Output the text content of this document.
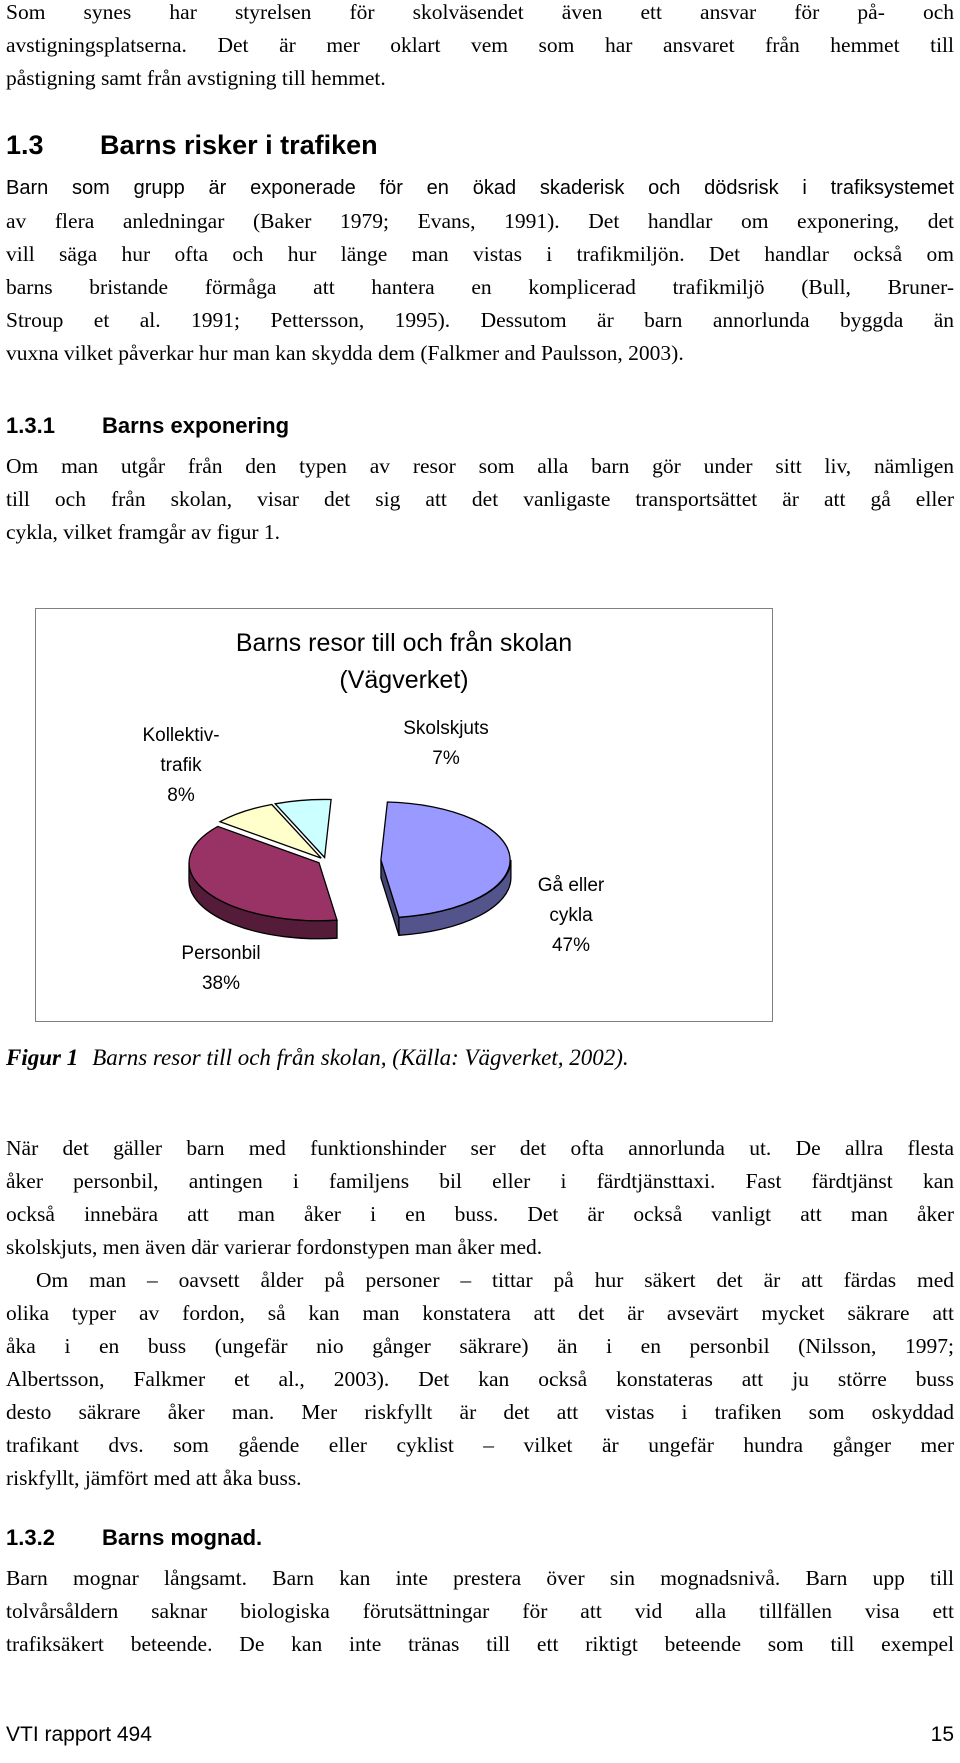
Som synes har styrelsen för skolväsendet även ett ansvar för på- och
avstigningsplatserna. Det är mer oklart vem som har ansvaret från hemmet till
påstigning samt från avstigning till hemmet.
1.3 Barns risker i trafiken
Barn som grupp är exponerade för en ökad skaderisk och dödsrisk i trafiksystemet
av flera anledningar (Baker 1979; Evans, 1991). Det handlar om exponering, det
vill säga hur ofta och hur länge man vistas i trafikmiljön. Det handlar också om
barns bristande förmåga att hantera en komplicerad trafikmiljö (Bull, Bruner-
Stroup et al. 1991; Pettersson, 1995). Dessutom är barn annorlunda byggda än
vuxna vilket påverkar hur man kan skydda dem (Falkmer and Paulsson, 2003).
1.3.1 Barns exponering
Om man utgår från den typen av resor som alla barn gör under sitt liv, nämligen
till och från skolan, visar det sig att det vanligaste transportsättet är att gå eller
cykla, vilket framgår av figur 1.
Barns resor till och från skolan
(Vägverket)
Kollektiv-
trafik
8%
Skolskjuts
7%
Gå eller
cykla
47%
Personbil
38%
Figur 1 Barns resor till och från skolan, (Källa: Vägverket, 2002).
När det gäller barn med funktionshinder ser det ofta annorlunda ut. De allra flesta
åker personbil, antingen i familjens bil eller i färdtjänsttaxi. Fast färdtjänst kan
också innebära att man åker i en buss. Det är också vanligt att man åker
skolskjuts, men även där varierar fordonstypen man åker med.
Om man – oavsett ålder på personer – tittar på hur säkert det är att färdas med
olika typer av fordon, så kan man konstatera att det är avsevärt mycket säkrare att
åka i en buss (ungefär nio gånger säkrare) än i en personbil (Nilsson, 1997;
Albertsson, Falkmer et al., 2003). Det kan också konstateras att ju större buss
desto säkrare åker man. Mer riskfyllt är det att vistas i trafiken som oskyddad
trafikant dvs. som gående eller cyklist – vilket är ungefär hundra gånger mer
riskfyllt, jämfört med att åka buss.
1.3.2 Barns mognad.
Barn mognar långsamt. Barn kan inte prestera över sin mognadsnivå. Barn upp till
tolvårsåldern saknar biologiska förutsättningar för att vid alla tillfällen visa ett
trafiksäkert beteende. De kan inte tränas till ett riktigt beteende som till exempel
VTI rapport 494	15
